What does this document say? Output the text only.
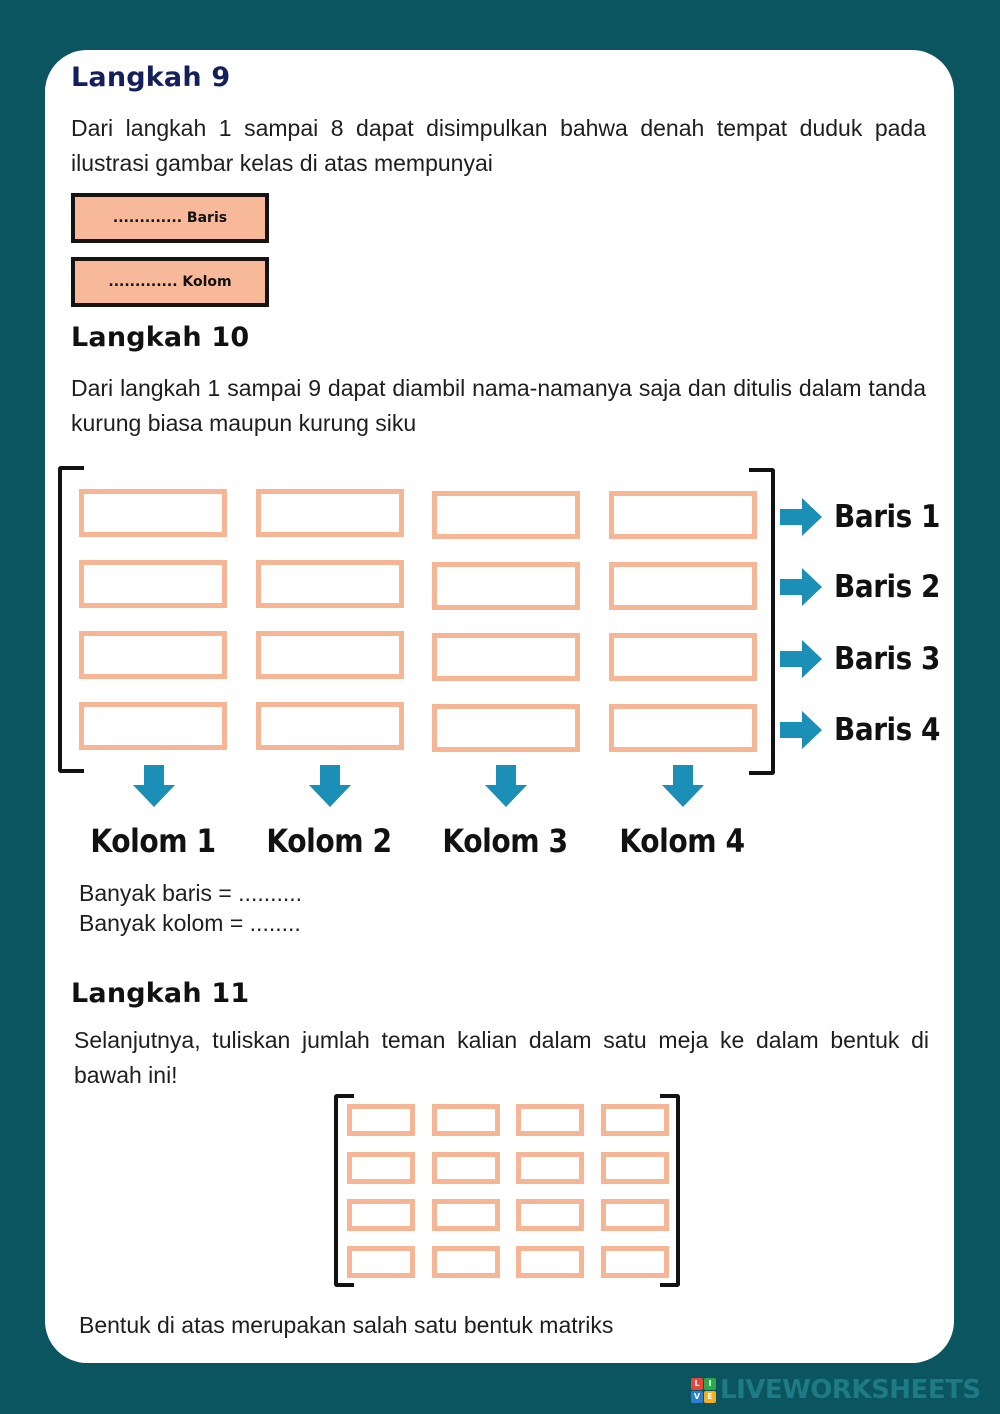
Langkah 9

Dari langkah 1 sampai 8 dapat disimpulkan bahwa denah tempat duduk pada ilustrasi gambar kelas di atas mempunyai

............. Baris
............. Kolom
Langkah 10

Dari langkah 1 sampai 9 dapat diambil nama-namanya saja dan ditulis dalam tanda kurung biasa maupun kurung siku

Baris 1
Baris 2
Baris 3
Baris 4
Kolom 1	Kolom 2	Kolom 3	Kolom 4

Banyak baris = ..........

Banyak kolom = ........

Langkah 11

Selanjutnya, tuliskan jumlah teman kalian dalam satu meja ke dalam bentuk di bawah ini!

Bentuk di atas merupakan salah satu bentuk matriks

L	I
V E LIVEWORKSHEETS
